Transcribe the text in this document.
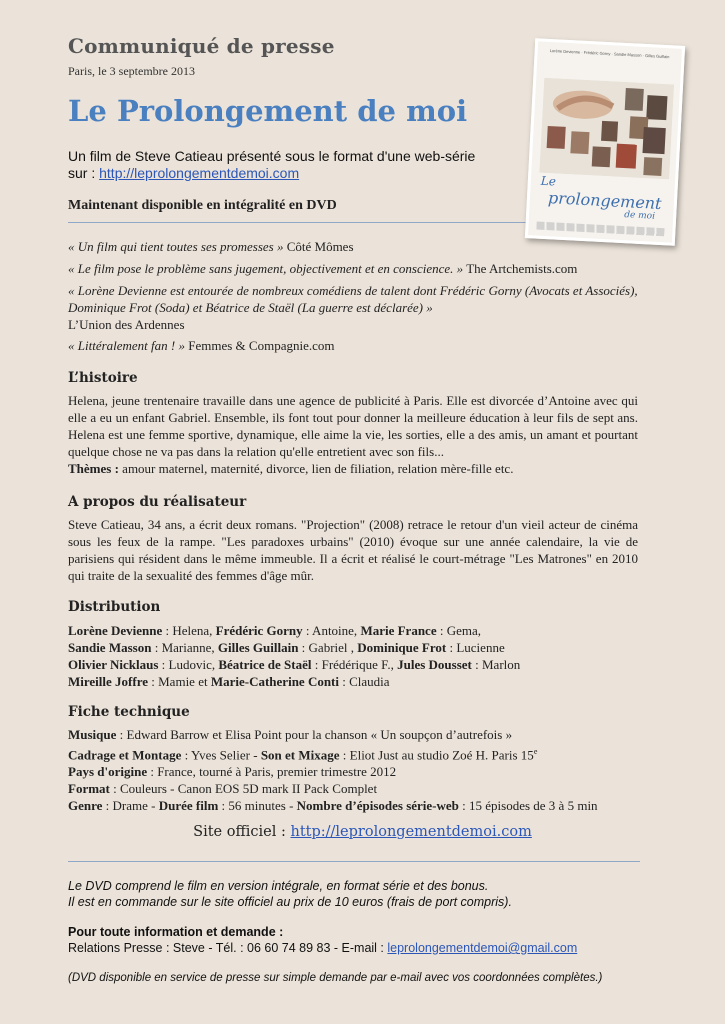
Communiqué de presse
Paris, le 3 septembre 2013
Le Prolongement de moi
Un film de Steve Catieau présenté sous le format d'une web-série
sur : http://leprolongementdemoi.com
Maintenant disponible en intégralité en DVD
Lorène Devienne · Frédéric Gorny · Sandie Masson · Gilles Guillain
Le
prolongement
de moi

« Un film qui tient toutes ses promesses » Côté Mômes

« Le film pose le problème sans jugement, objectivement et en conscience. » The Artchemists.com

« Lorène Devienne est entourée de nombreux comédiens de talent dont Frédéric Gorny (Avocats et Associés), Dominique Frot (Soda) et Béatrice de Staël (La guerre est déclarée) »
L’Union des Ardennes

« Littéralement fan ! » Femmes & Compagnie.com

L’histoire
Helena, jeune trentenaire travaille dans une agence de publicité à Paris. Elle est divorcée d’Antoine avec qui elle a eu un enfant Gabriel. Ensemble, ils font tout pour donner la meilleure éducation à leur fils de sept ans. Helena est une femme sportive, dynamique, elle aime la vie, les sorties, elle a des amis, un amant et pourtant quelque chose ne va pas dans la relation qu'elle entretient avec son fils...
Thèmes : amour maternel, maternité, divorce, lien de filiation, relation mère-fille etc.
A propos du réalisateur
Steve Catieau, 34 ans, a écrit deux romans. "Projection" (2008) retrace le retour d'un vieil acteur de cinéma sous les feux de la rampe. "Les paradoxes urbains" (2010) évoque sur une année calendaire, la vie de parisiens qui résident dans le même immeuble. Il a écrit et réalisé le court-métrage "Les Matrones" en 2010 qui traite de la sexualité des femmes d'âge mûr.
Distribution

Lorène Devienne : Helena, Frédéric Gorny : Antoine, Marie France : Gema,

Sandie Masson : Marianne, Gilles Guillain : Gabriel , Dominique Frot : Lucienne

Olivier Nicklaus : Ludovic, Béatrice de Staël : Frédérique F., Jules Dousset : Marlon

Mireille Joffre : Mamie et Marie-Catherine Conti : Claudia

Fiche technique

Musique : Edward Barrow et Elisa Point pour la chanson « Un soupçon d’autrefois »

Cadrage et Montage : Yves Selier - Son et Mixage : Eliot Just au studio Zoé H. Paris 15e

Pays d'origine : France, tourné à Paris, premier trimestre 2012

Format : Couleurs - Canon EOS 5D mark II Pack Complet

Genre : Drame - Durée film : 56 minutes - Nombre d’épisodes série-web : 15 épisodes de 3 à 5 min

Site officiel : http://leprolongementdemoi.com
Le DVD comprend le film en version intégrale, en format série et des bonus.
Il est en commande sur le site officiel au prix de 10 euros (frais de port compris).
Pour toute information et demande :
Relations Presse : Steve - Tél. : 06 60 74 89 83 - E-mail : leprolongementdemoi@gmail.com
(DVD disponible en service de presse sur simple demande par e-mail avec vos coordonnées complètes.)
